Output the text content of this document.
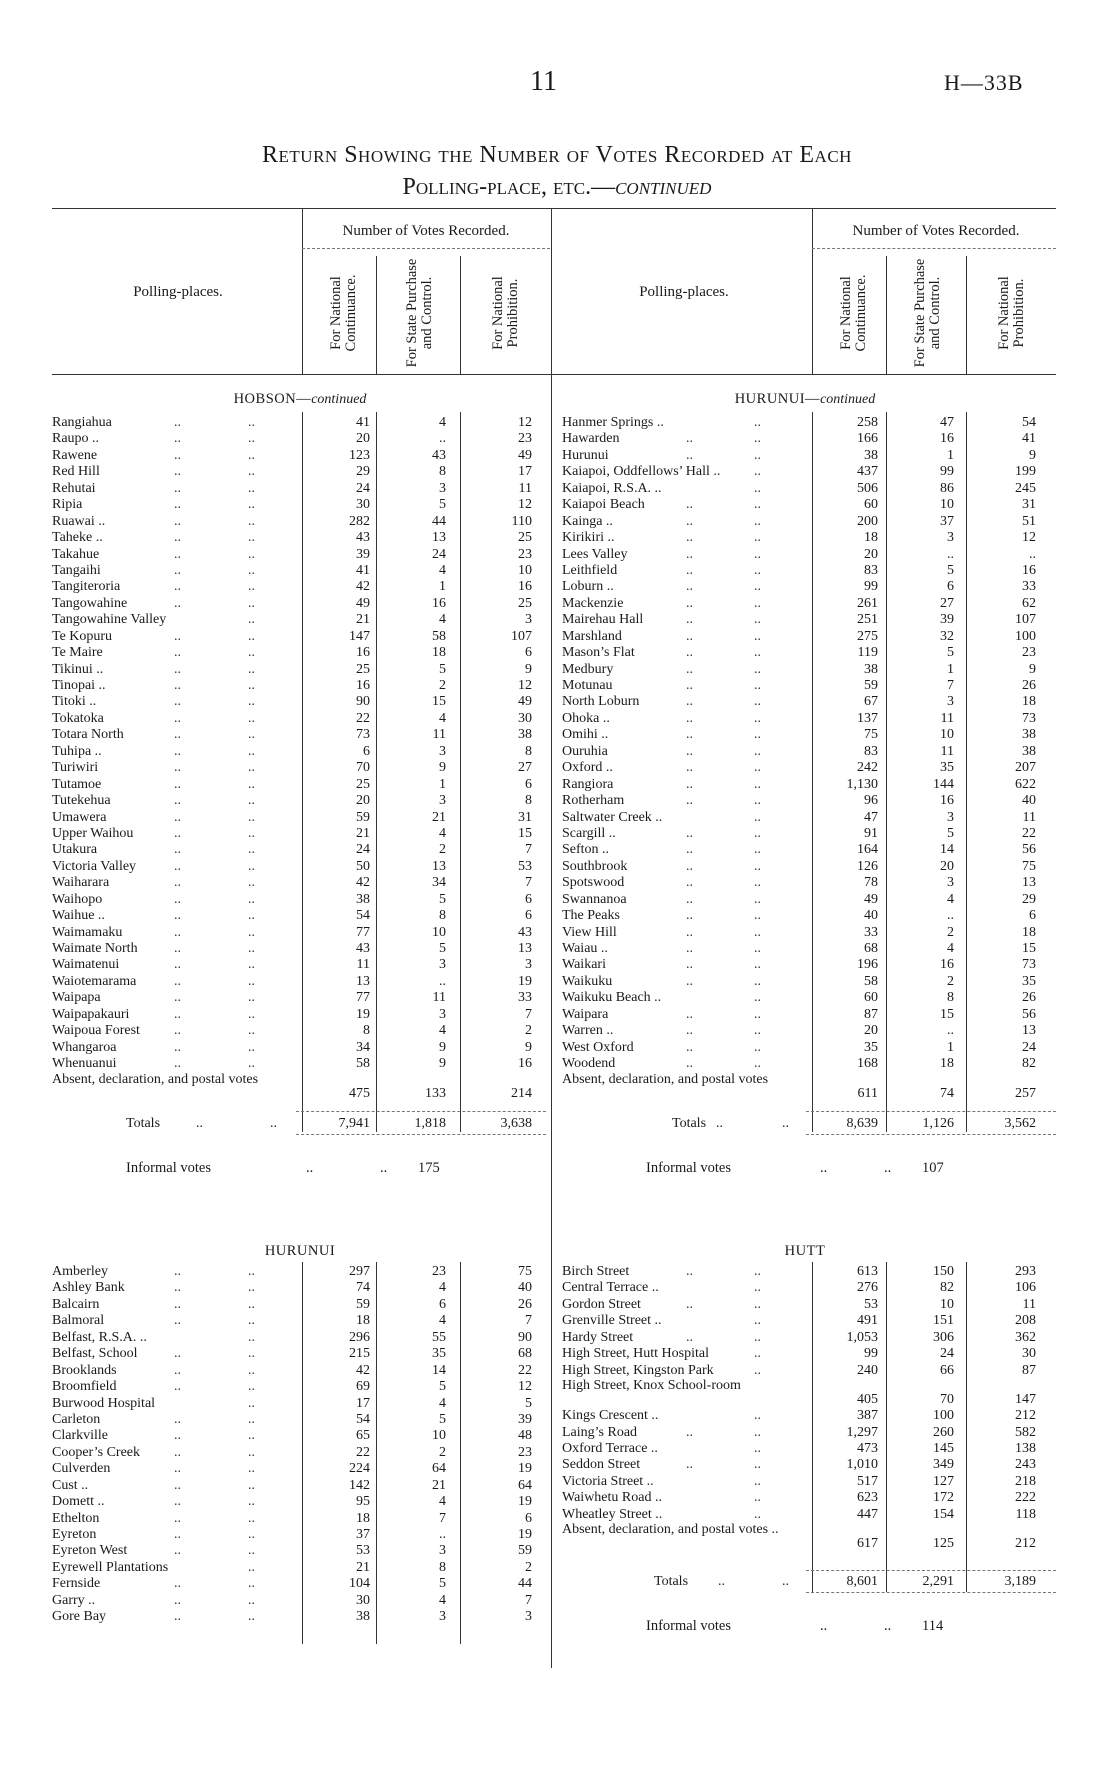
11	H—33B
Return Showing the Number of Votes Recorded at Each
Polling-place, etc.—continued
Polling-places.
Number of Votes Recorded.
For National Continuance.	For State Purchase and Control.	For National Prohibition.	Polling-places.
Number of Votes Recorded.
For National Continuance.	For State Purchase and Control.	For National Prohibition.
HOBSON—continued	HURUNUI—continued
Rangiahua	..	..	41	4	12
Raupo ..	..	..	20	..	23
Rawene	..	..	123	43	49
Red Hill	..	..	29	8	17
Rehutai	..	..	24	3	11
Ripia	..	..	30	5	12
Ruawai ..	..	..	282	44	110
Taheke ..	..	..	43	13	25
Takahue	..	..	39	24	23
Tangaihi	..	..	41	4	10
Tangiteroria	..	..	42	1	16
Tangowahine	..	..	49	16	25
Tangowahine Valley	..	21	4	3
Te Kopuru	..	..	147	58	107
Te Maire	..	..	16	18	6
Tikinui ..	..	..	25	5	9
Tinopai ..	..	..	16	2	12
Titoki ..	..	..	90	15	49
Tokatoka	..	..	22	4	30
Totara North	..	..	73	11	38
Tuhipa ..	..	..	6	3	8
Turiwiri	..	..	70	9	27
Tutamoe	..	..	25	1	6
Tutekehua	..	..	20	3	8
Umawera	..	..	59	21	31
Upper Waihou	..	..	21	4	15
Utakura	..	..	24	2	7
Victoria Valley	..	..	50	13	53
Waiharara	..	..	42	34	7
Waihopo	..	..	38	5	6
Waihue ..	..	..	54	8	6
Waimamaku	..	..	77	10	43
Waimate North	..	..	43	5	13
Waimatenui	..	..	11	3	3
Waiotemarama	..	..	13	..	19
Waipapa	..	..	77	11	33
Waipapakauri	..	..	19	3	7
Waipoua Forest	..	..	8	4	2
Whangaroa	..	..	34	9	9
Whenuanui	..	..	58	9	16
Absent, declaration, and postal votes
475	133	214
Hanmer Springs ..	..	258	47	54
Hawarden	..	..	166	16	41
Hurunui	..	..	38	1	9
Kaiapoi, Oddfellows’ Hall ..	..	437	99	199
Kaiapoi, R.S.A. ..	..	506	86	245
Kaiapoi Beach	..	..	60	10	31
Kainga ..	..	..	200	37	51
Kirikiri ..	..	..	18	3	12
Lees Valley	..	..	20	..	..
Leithfield	..	..	83	5	16
Loburn ..	..	..	99	6	33
Mackenzie	..	..	261	27	62
Mairehau Hall	..	..	251	39	107
Marshland	..	..	275	32	100
Mason’s Flat	..	..	119	5	23
Medbury	..	..	38	1	9
Motunau	..	..	59	7	26
North Loburn	..	..	67	3	18
Ohoka ..	..	..	137	11	73
Omihi ..	..	..	75	10	38
Ouruhia	..	..	83	11	38
Oxford ..	..	..	242	35	207
Rangiora	..	..	1,130	144	622
Rotherham	..	..	96	16	40
Saltwater Creek ..	..	47	3	11
Scargill ..	..	..	91	5	22
Sefton ..	..	..	164	14	56
Southbrook	..	..	126	20	75
Spotswood	..	..	78	3	13
Swannanoa	..	..	49	4	29
The Peaks	..	..	40	..	6
View Hill	..	..	33	2	18
Waiau ..	..	..	68	4	15
Waikari	..	..	196	16	73
Waikuku	..	..	58	2	35
Waikuku Beach ..	..	60	8	26
Waipara	..	..	87	15	56
Warren ..	..	..	20	..	13
West Oxford	..	..	35	1	24
Woodend	..	..	168	18	82
Absent, declaration, and postal votes
611	74	257
Totals	..	..	7,941	1,818	3,638
Informal votes	..	.. 175
Totals ..	..	8,639	1,126	3,562
Informal votes	..	.. 107
HURUNUI	HUTT
Amberley	..	..	297	23	75
Ashley Bank	..	..	74	4	40
Balcairn	..	..	59	6	26
Balmoral	..	..	18	4	7
Belfast, R.S.A. ..	..	296	55	90
Belfast, School	..	..	215	35	68
Brooklands	..	..	42	14	22
Broomfield	..	..	69	5	12
Burwood Hospital	..	17	4	5
Carleton	..	..	54	5	39
Clarkville	..	..	65	10	48
Cooper’s Creek	..	..	22	2	23
Culverden	..	..	224	64	19
Cust ..	..	..	142	21	64
Domett ..	..	..	95	4	19
Ethelton	..	..	18	7	6
Eyreton	..	..	37	..	19
Eyreton West	..	..	53	3	59
Eyrewell Plantations	..	21	8	2
Fernside	..	..	104	5	44
Garry ..	..	..	30	4	7
Gore Bay	..	..	38	3	3
Birch Street	..	..	613	150	293
Central Terrace ..	..	276	82	106
Gordon Street	..	..	53	10	11
Grenville Street ..	..	491	151	208
Hardy Street	..	..	1,053	306	362
High Street, Hutt Hospital	..	99	24	30
High Street, Kingston Park	..	240	66	87
High Street, Knox School-room
405	70	147
Kings Crescent ..	..	387	100	212
Laing’s Road	..	..	1,297	260	582
Oxford Terrace ..	..	473	145	138
Seddon Street	..	..	1,010	349	243
Victoria Street ..	..	517	127	218
Waiwhetu Road ..	..	623	172	222
Wheatley Street ..	..	447	154	118
Absent, declaration, and postal votes ..
617	125	212
Totals ..	..	8,601	2,291	3,189
Informal votes	..	.. 114
